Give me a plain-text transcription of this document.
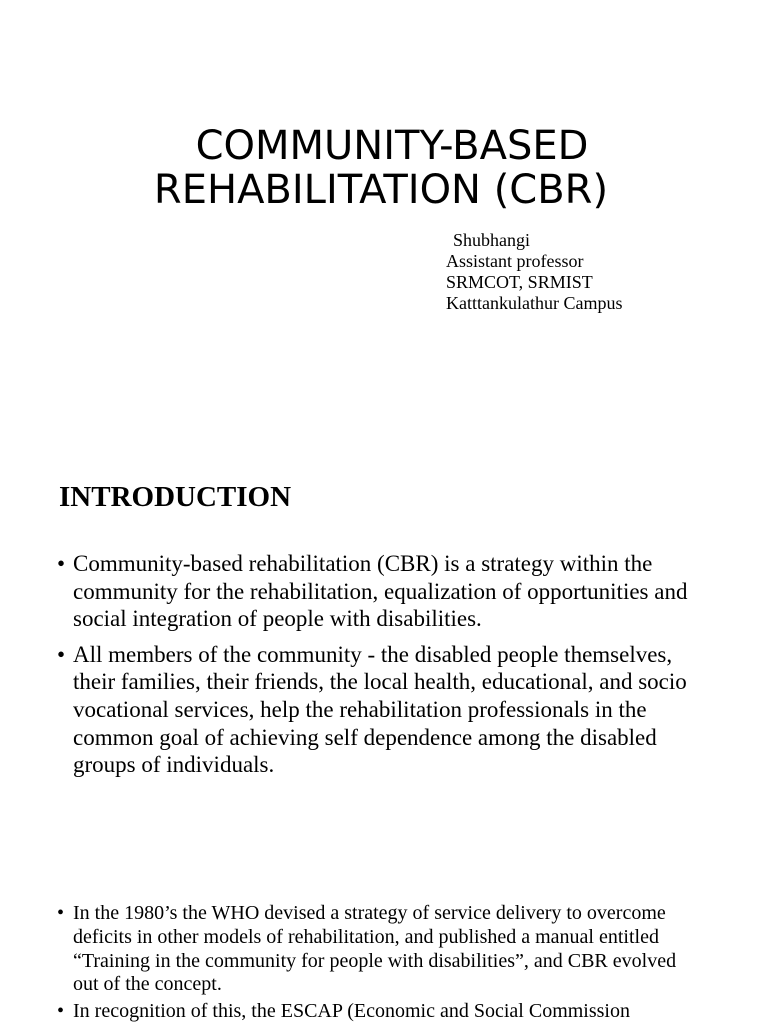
COMMUNITY-BASED
REHABILITATION (CBR)
Shubhangi
Assistant professor
SRMCOT, SRMIST
Katttankulathur Campus
INTRODUCTION
• Community-based rehabilitation (CBR) is a strategy within the community for the rehabilitation, equalization of opportunities and social integration of people with disabilities.
• All members of the community - the disabled people themselves, their families, their friends, the local health, educational, and socio vocational services, help the rehabilitation professionals in the common goal of achieving self dependence among the disabled groups of individuals.
• In the 1980’s the WHO devised a strategy of service delivery to overcome deficits in other models of rehabilitation, and published a manual entitled “Training in the community for people with disabilities”, and CBR evolved out of the concept.
• In recognition of this, the ESCAP (Economic and Social Commission
